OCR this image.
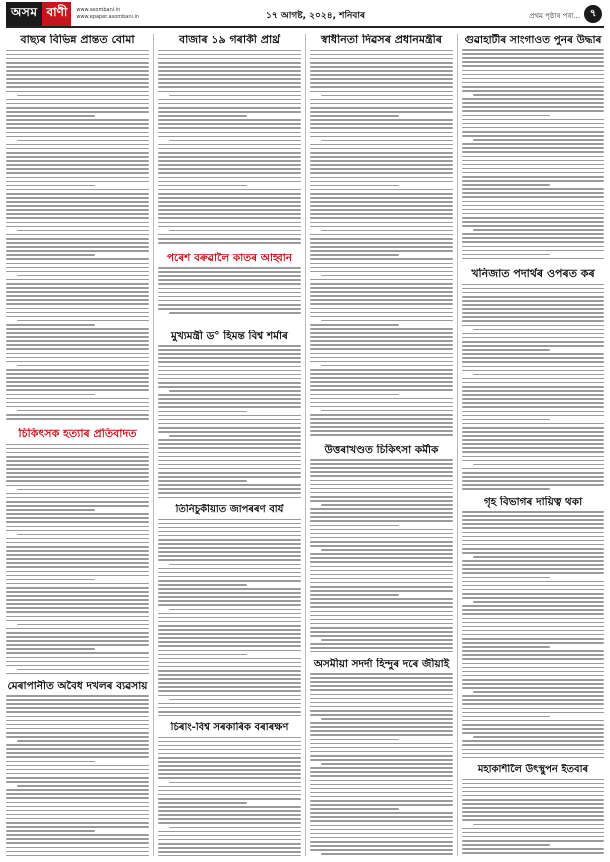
অসম বাণী	www.asombani.in
www.epaper.asombani.in	১৭ আগষ্ট, ২০২৪, শনিবাৰ	প্ৰথম পৃষ্ঠাৰ পৰা... ৭
বাছ্যৰ বিভিন্ন প্ৰান্তত বোমা
চিকিৎসক হত্যাৰ প্ৰতিবাদত
মেৰাপানীত অবৈধ দখলৰ ব্যৱসায়
বাজাৰ ১৯ গৰাকী প্ৰাৰ্থ্ৰ
পৰেশ বৰুৱালৈ কাতৰ আহ্বান
মুখ্যমন্ত্ৰী ড° হিমন্ত বিশ্ব শৰ্মাৰ
তিনিচুকীয়াত জাপৰৰণ বাৰ্য
চিৰাং-বিশ্ব সৰকাৰিক বৰাৰক্ষণ
স্বাধীনতা দিৱসৰ প্ৰধানমন্ত্ৰীৰ
উত্তৰাখণ্ডত চিকিৎসা কৰ্মীক
অসমীয়া সদৰ্দা হিন্দুৰ দৰে জীয়াই
গুৱাহাটীৰ সাংগাওত পুনৰ উদ্ধাৰ
খনিজাত পদাৰ্থৰ ওপৰত কৰ
গৃহ বিভাগৰ দায়িত্ব থকা
মহাকাশীলৈ উৎস্থুপন ইতবাৰ
